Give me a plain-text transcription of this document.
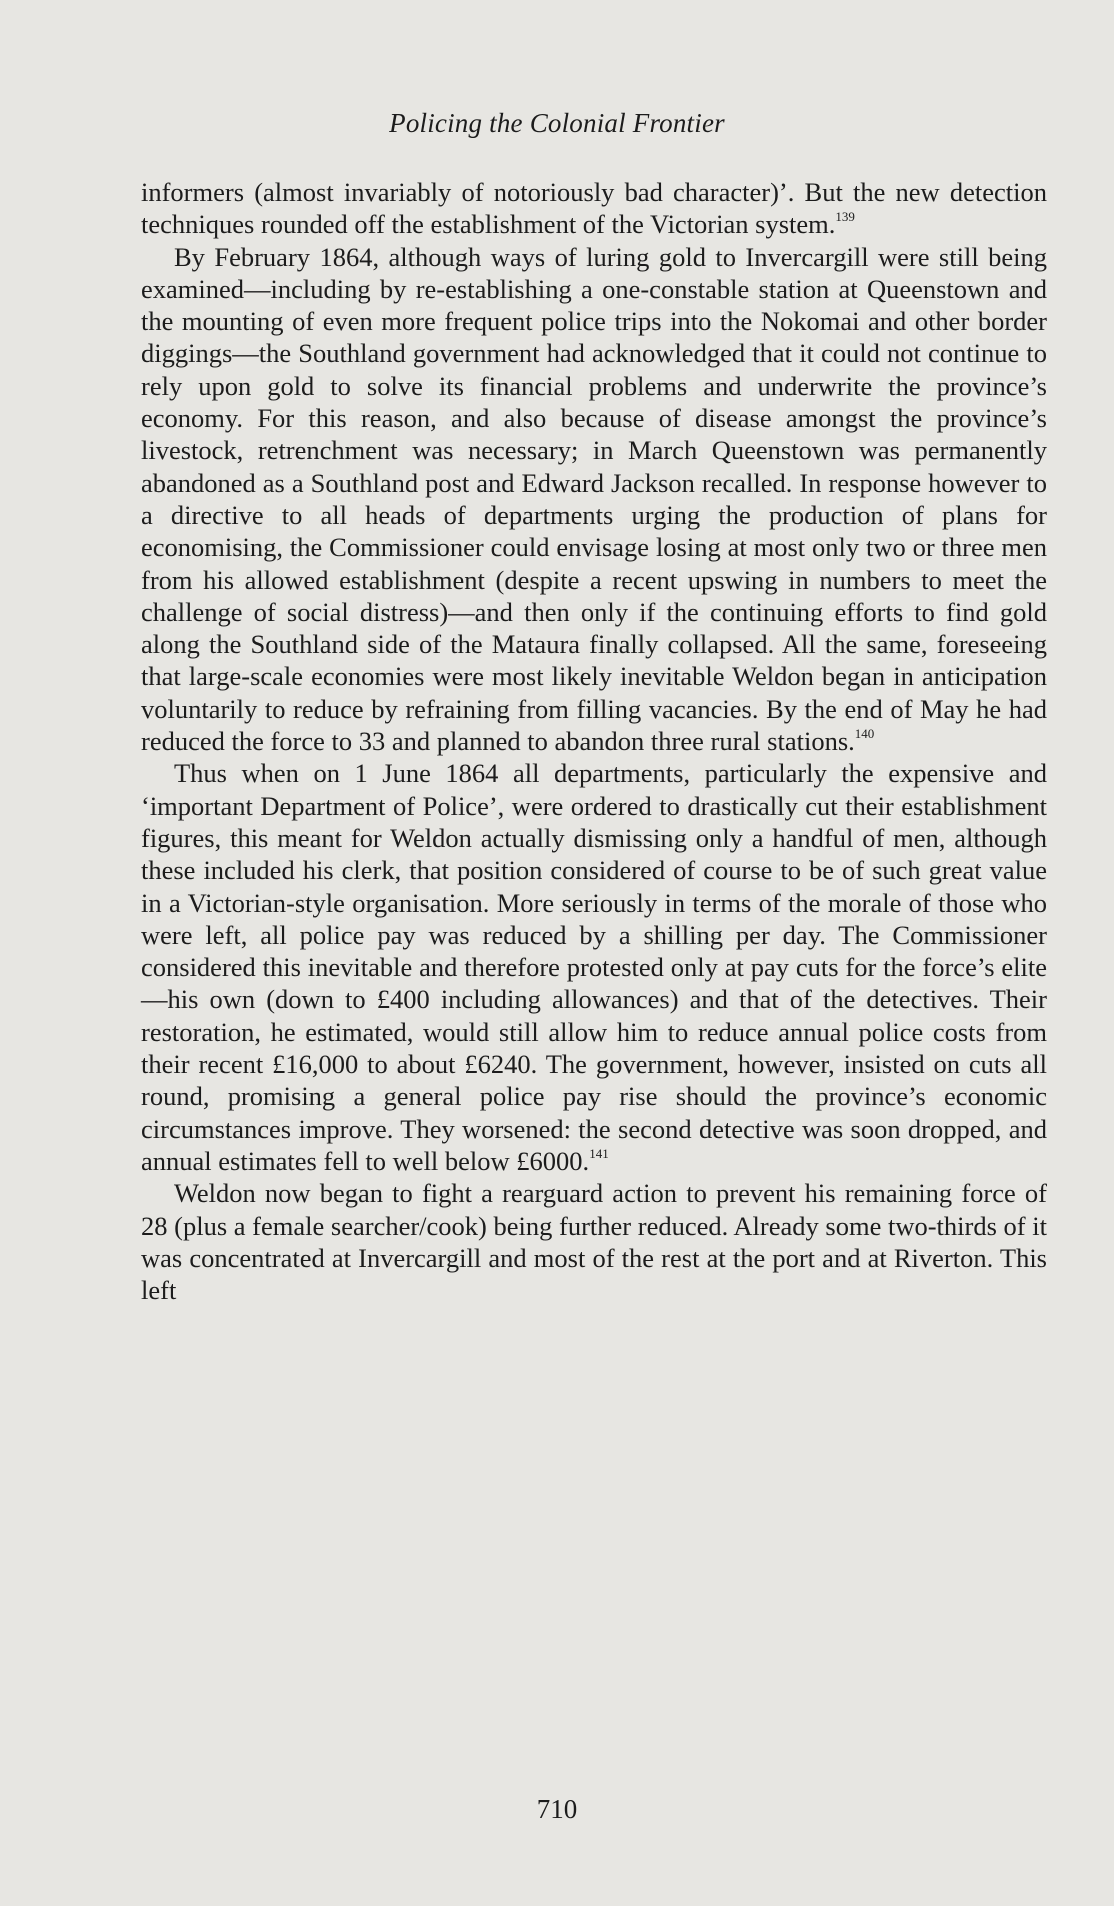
Policing the Colonial Frontier

informers (almost invariably of notoriously bad character)’. But the new detection techniques rounded off the establishment of the Victorian system.$^{139}$

By February 1864, although ways of luring gold to Invercargill were still being examined—including by re-establishing a one-constable station at Queenstown and the mounting of even more frequent police trips into the Nokomai and other border diggings—the Southland government had acknowledged that it could not continue to rely upon gold to solve its financial problems and underwrite the province’s economy. For this reason, and also because of disease amongst the province’s livestock, retrenchment was necessary; in March Queenstown was permanently abandoned as a Southland post and Edward Jackson recalled. In response however to a directive to all heads of departments urging the production of plans for economising, the Commissioner could envisage losing at most only two or three men from his allowed establishment (despite a recent upswing in numbers to meet the challenge of social distress)—and then only if the continuing efforts to find gold along the Southland side of the Mataura finally collapsed. All the same, foreseeing that large-scale economies were most likely inevitable Weldon began in anticipation voluntarily to reduce by refraining from filling vacancies. By the end of May he had reduced the force to 33 and planned to abandon three rural stations.$^{140}$

Thus when on 1 June 1864 all departments, particularly the expensive and ‘important Department of Police’, were ordered to drastically cut their establishment figures, this meant for Weldon actually dismissing only a handful of men, although these included his clerk, that position considered of course to be of such great value in a Victorian-style organisation. More seriously in terms of the morale of those who were left, all police pay was reduced by a shilling per day. The Commissioner considered this inevitable and therefore protested only at pay cuts for the force’s elite—his own (down to £400 including allowances) and that of the detectives. Their restoration, he estimated, would still allow him to reduce annual police costs from their recent £16,000 to about £6240. The government, however, insisted on cuts all round, promising a general police pay rise should the province’s economic circumstances improve. They worsened: the second detective was soon dropped, and annual estimates fell to well below £6000.$^{141}$

Weldon now began to fight a rearguard action to prevent his remaining force of 28 (plus a female searcher/cook) being further reduced. Already some two-thirds of it was concentrated at Invercargill and most of the rest at the port and at Riverton. This left

710
